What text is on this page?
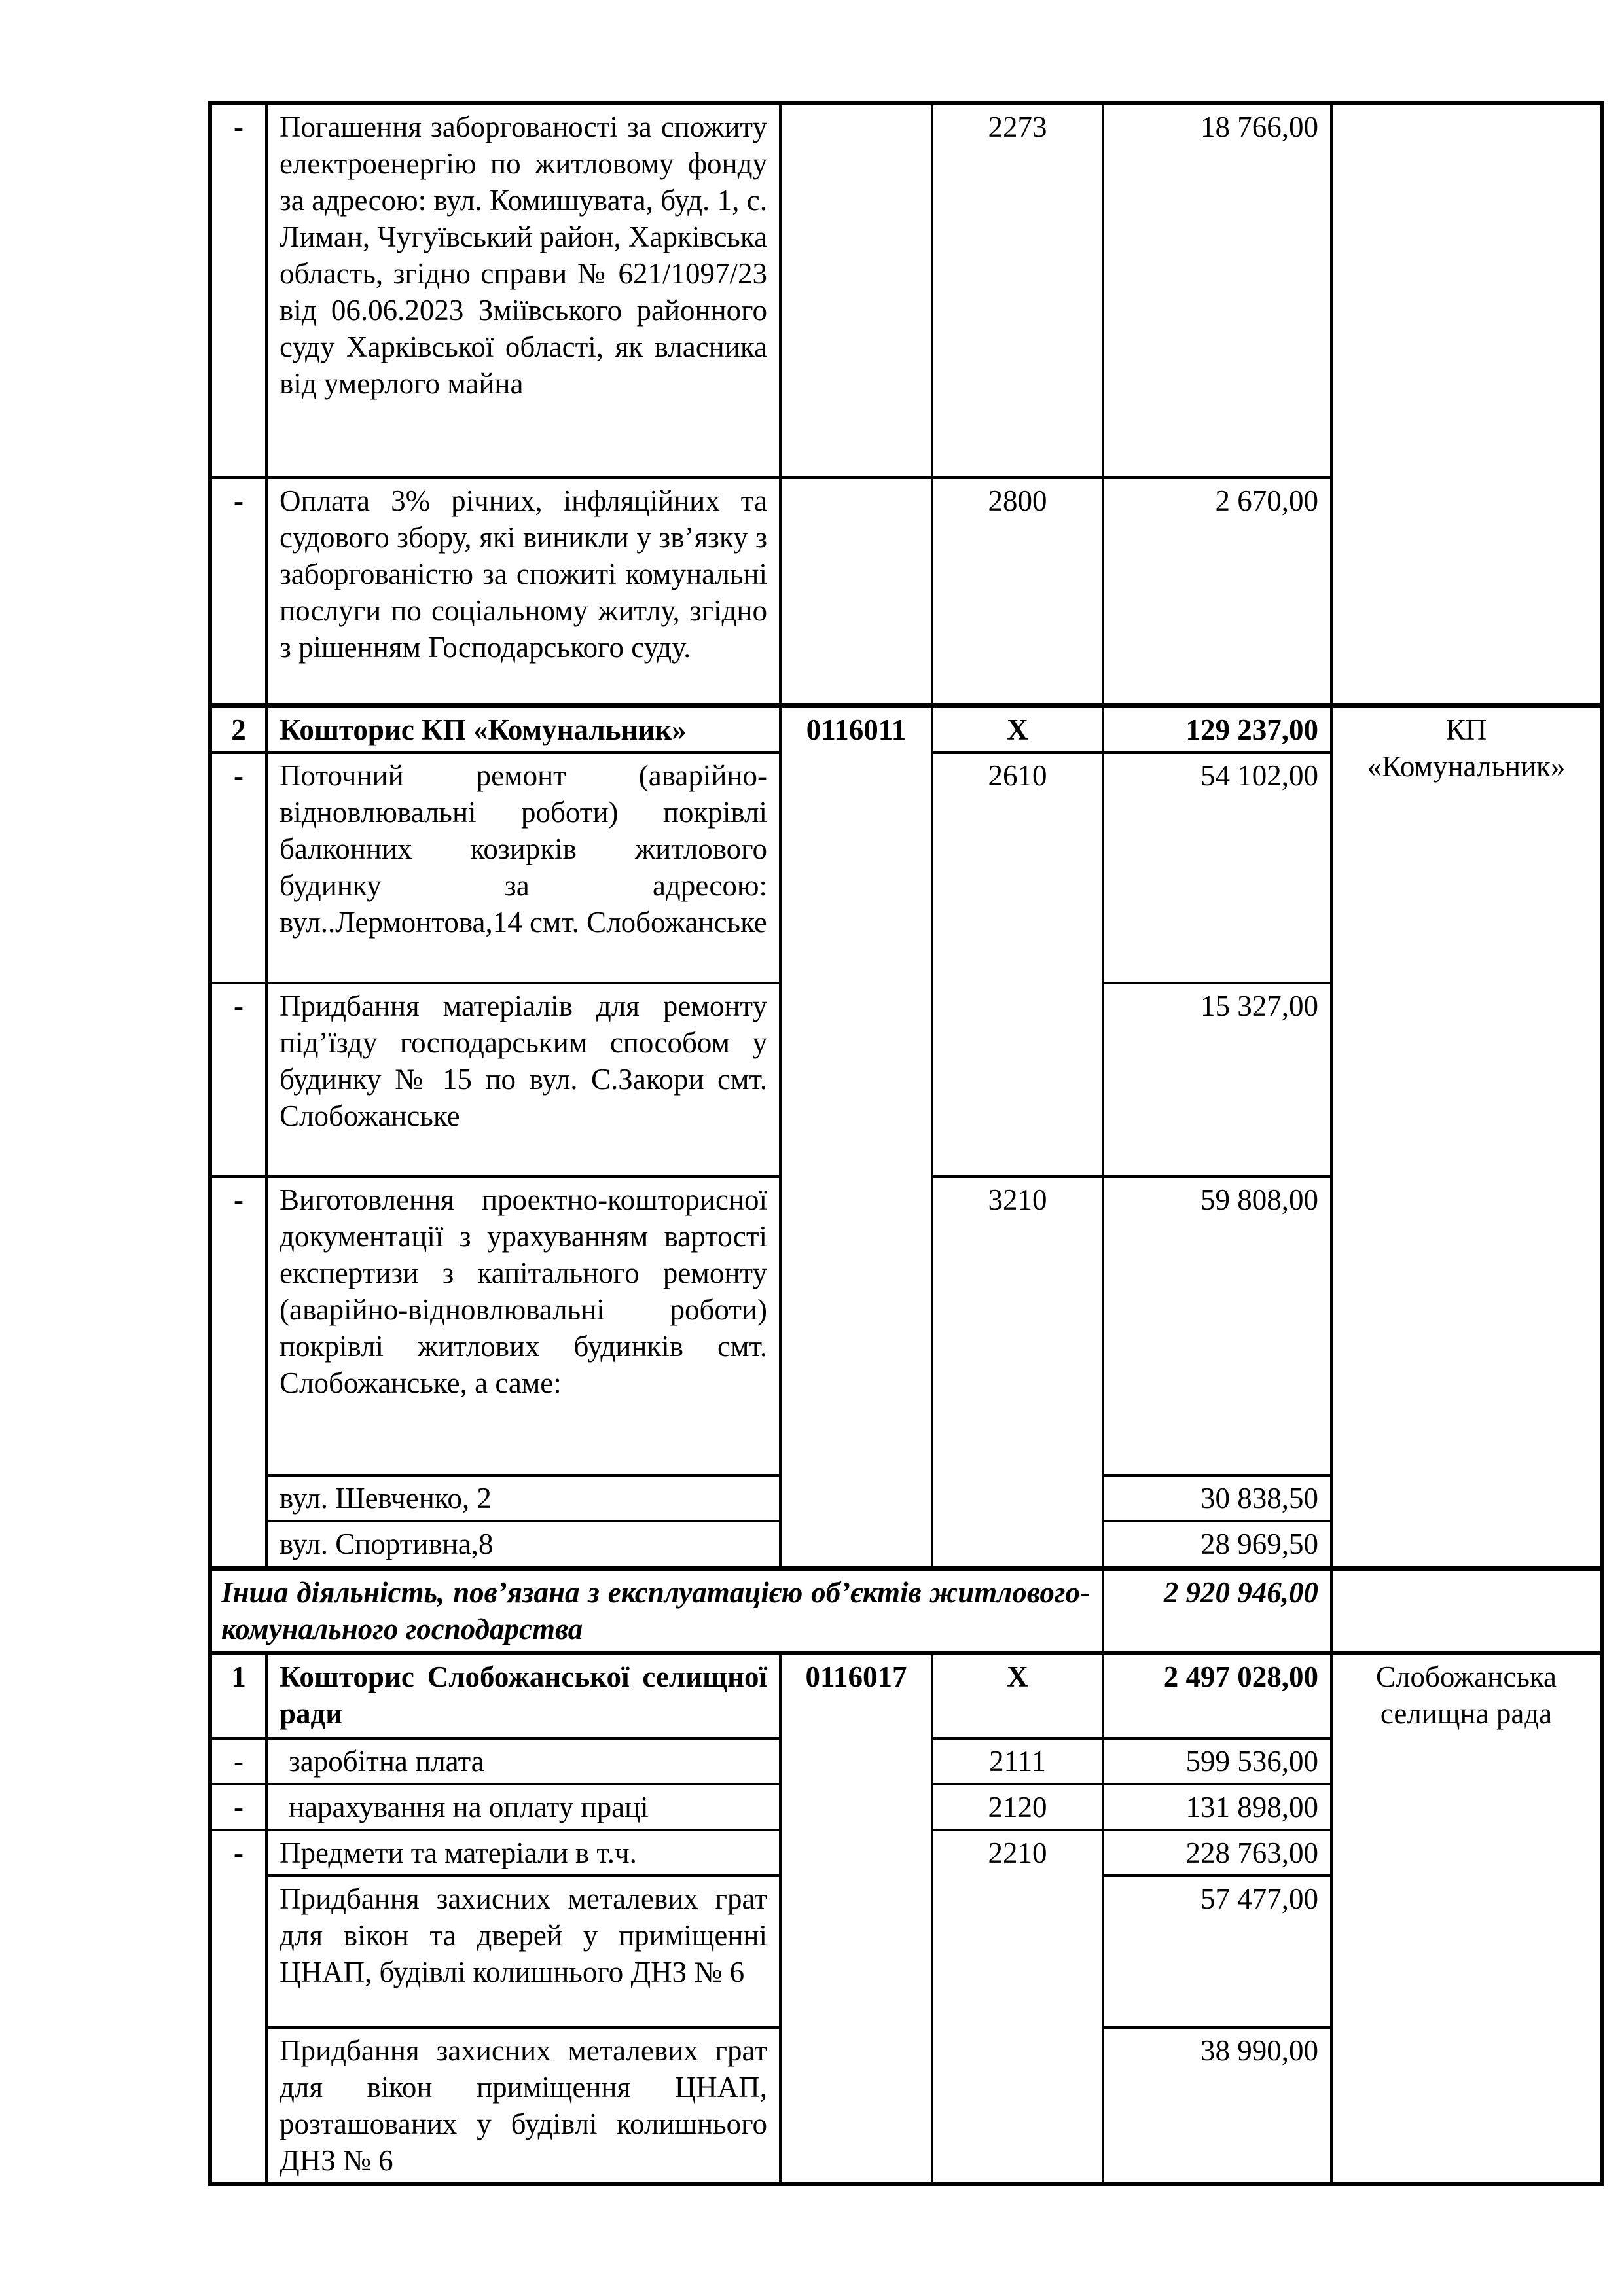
-	Погашення заборгованості за спожиту електроенергію по житловому фонду за адресою: вул. Комишувата, буд. 1, с. Лиман, Чугуївський район, Харківська область, згідно справи № 621/1097/23 від 06.06.2023 Зміївського районного суду Харківської області, як власника від умерлого майна		2273	18 766,00	
-	Оплата 3% річних, інфляційних та судового збору, які виникли у зв’язку з заборгованістю за спожиті комунальні послуги по соціальному житлу, згідно з рішенням Господарського суду.		2800	2 670,00	
2	Кошторис КП «Комунальник»	0116011	X	129 237,00	КП «Комунальник»
-	Поточний ремонт (аварійно-відновлювальні роботи) покрівлі балконних козирків житлового будинку за адресою: вул..Лермонтова,14 смт. Слобожанське		2610	54 102,00	
-	Придбання матеріалів для ремонту під’їзду господарським способом у будинку № 15 по вул. С.Закори смт. Слобожанське			15 327,00	
-	Виготовлення проектно-кошторисної документації з урахуванням вартості експертизи з капітального ремонту (аварійно-відновлювальні роботи) покрівлі житлових будинків смт. Слобожанське, а саме:		3210	59 808,00	
	вул. Шевченко, 2			30 838,50	
	вул. Спортивна,8			28 969,50	
Інша діяльність, пов’язана з експлуатацією об’єктів житлового-комунального господарства				2 920 946,00	
1	Кошторис Слобожанської селищної ради	0116017	X	2 497 028,00	Слобожанська селищна рада
-	заробітна плата		2111	599 536,00	
-	нарахування на оплату праці		2120	131 898,00	
-	Предмети та матеріали в т.ч.		2210	228 763,00	
	Придбання захисних металевих грат для вікон та дверей у приміщенні ЦНАП, будівлі колишнього ДНЗ № 6			57 477,00	
	Придбання захисних металевих грат для вікон приміщення ЦНАП, розташованих у будівлі колишнього ДНЗ № 6			38 990,00	
